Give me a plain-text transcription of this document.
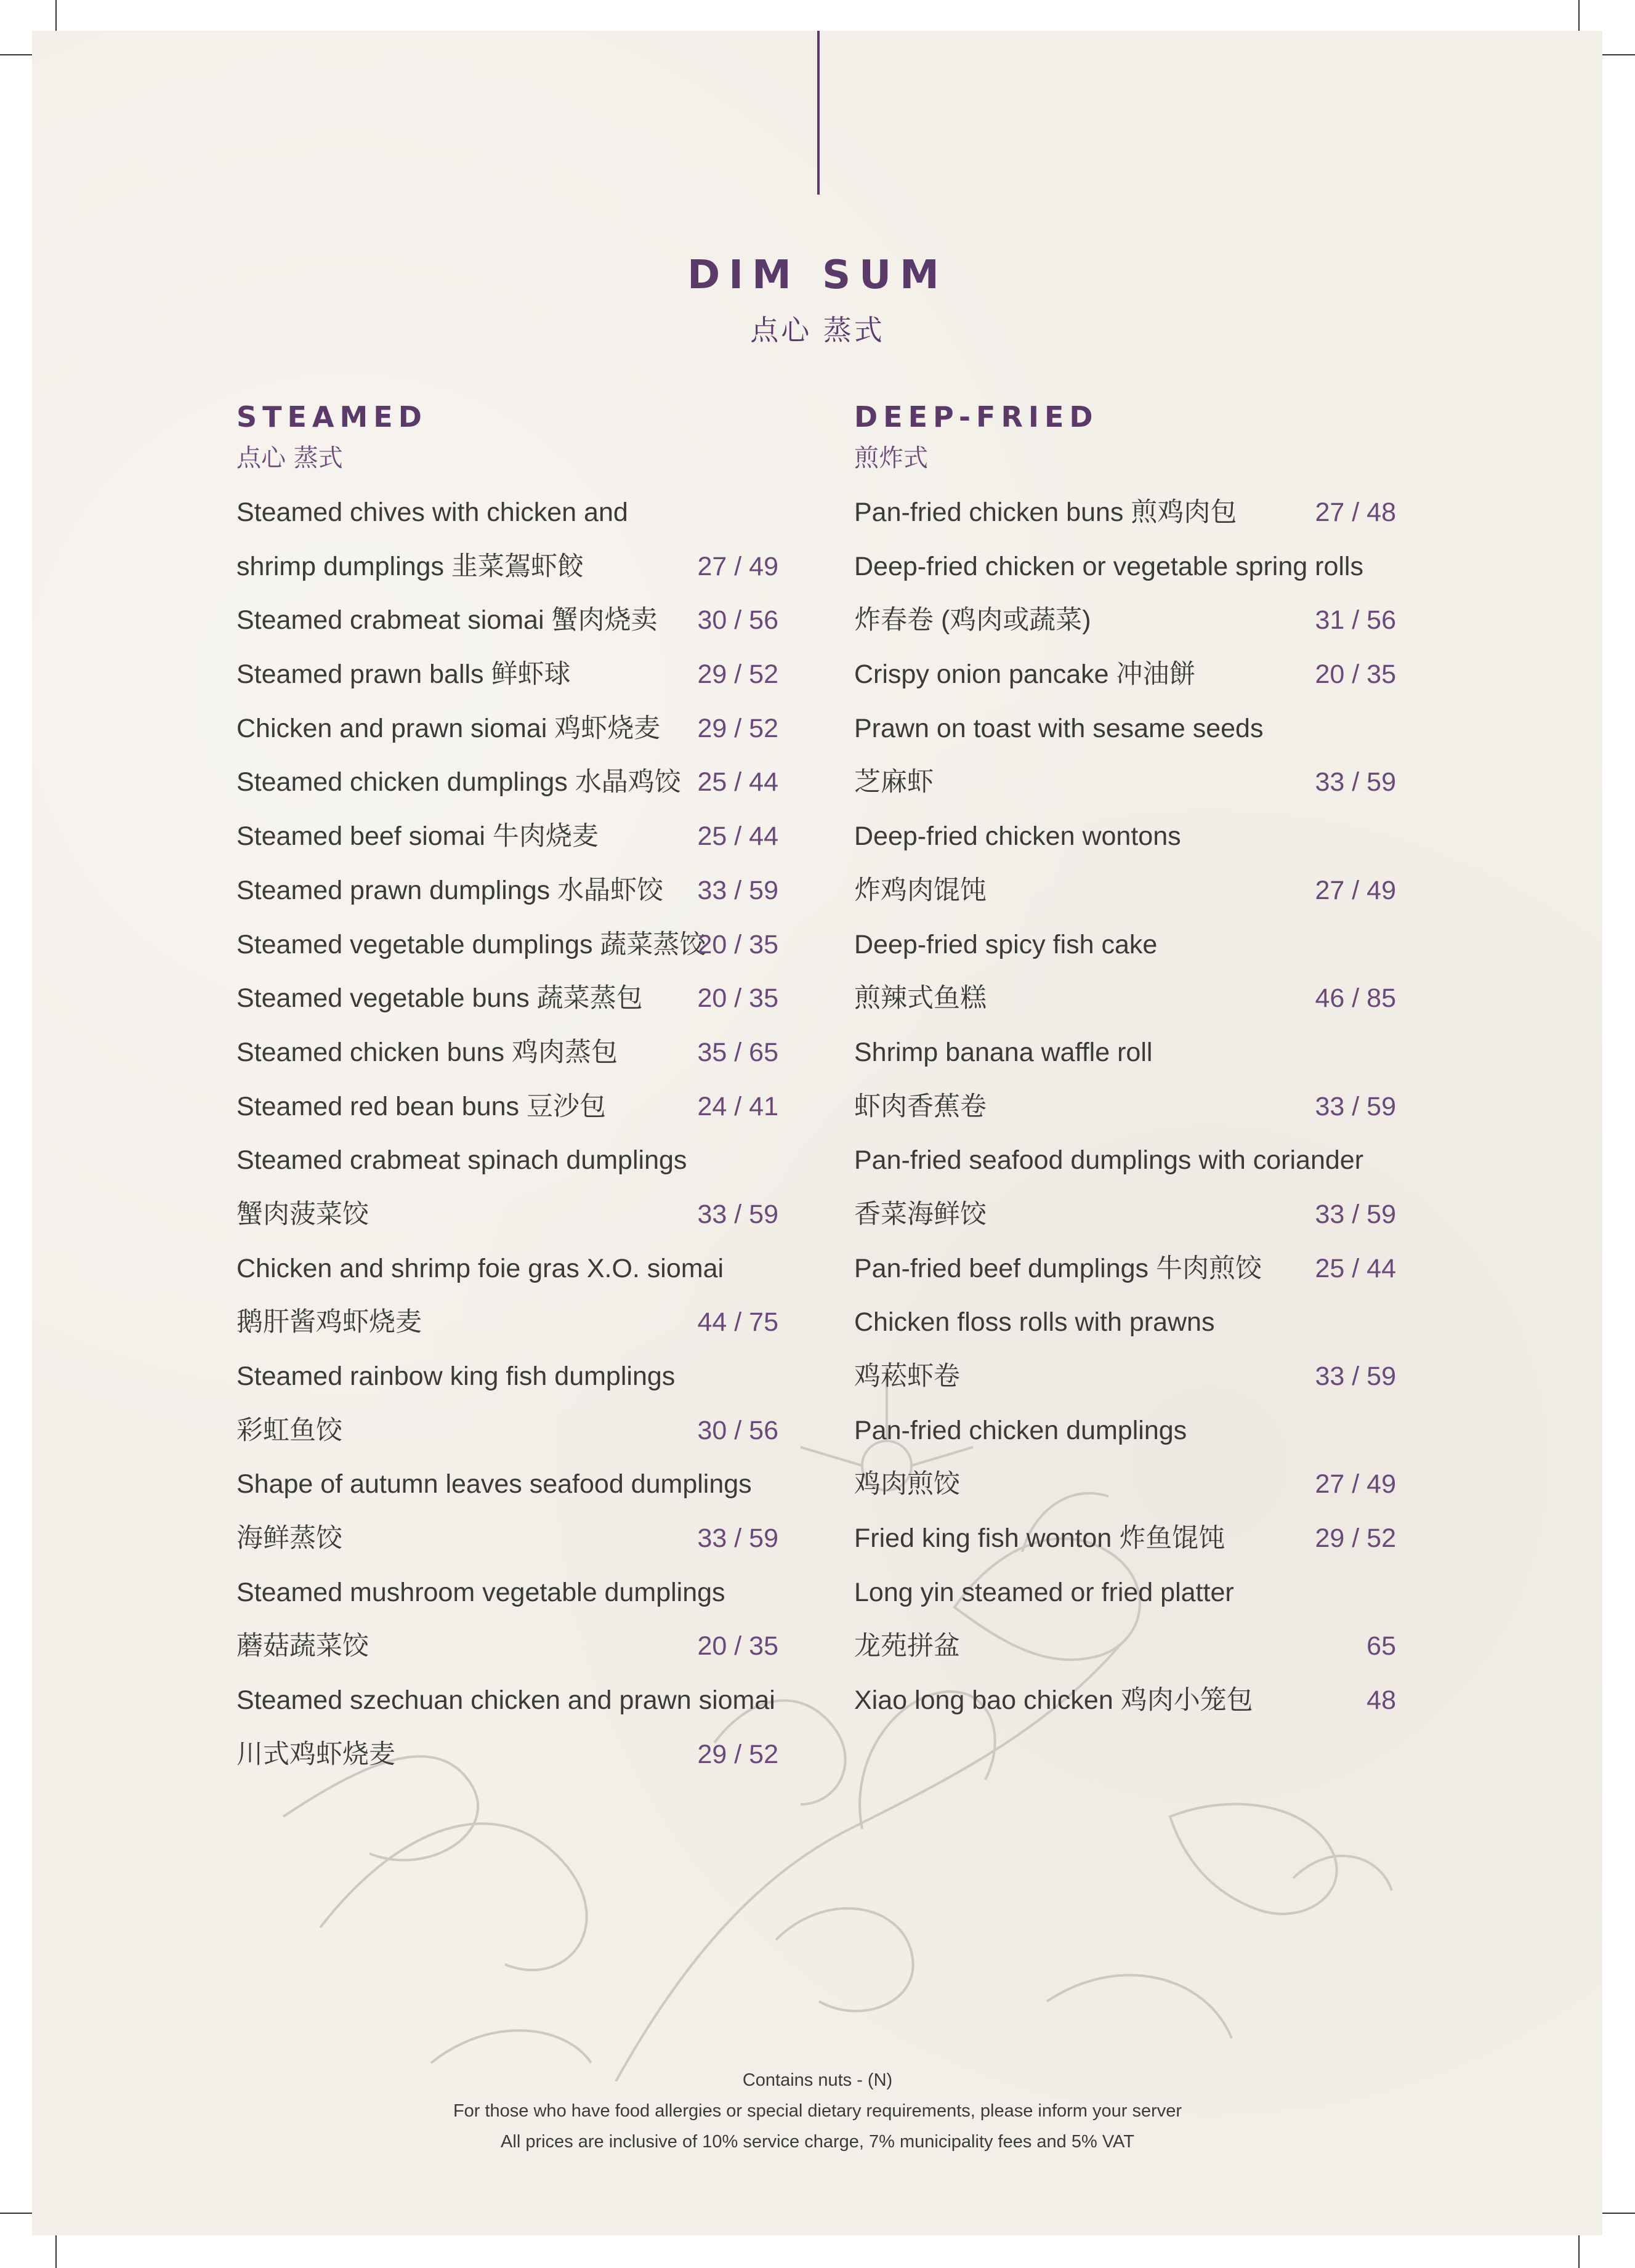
DIM SUM
点心 蒸式
STEAMED
点心 蒸式
Steamed chives with chicken and
shrimp dumplings 韭菜鴐虾餃	27 / 49
Steamed crabmeat siomai 蟹肉烧卖 30 / 56
Steamed prawn balls 鲜虾球	29 / 52
Chicken and prawn siomai 鸡虾烧麦 29 / 52
Steamed chicken dumplings 水晶鸡饺 25 / 44
Steamed beef siomai 牛肉烧麦	25 / 44
Steamed prawn dumplings 水晶虾饺 33 / 59
Steamed vegetable dumplings 蔬菜蒸饺
20 / 35
Steamed vegetable buns 蔬菜蒸包 20 / 35
Steamed chicken buns 鸡肉蒸包	35 / 65
Steamed red bean buns 豆沙包	24 / 41
Steamed crabmeat spinach dumplings
蟹肉菠菜饺	33 / 59
Chicken and shrimp foie gras X.O. siomai
鹅肝酱鸡虾烧麦	44 / 75
Steamed rainbow king fish dumplings
彩虹鱼饺	30 / 56
Shape of autumn leaves seafood dumplings
海鲜蒸饺	33 / 59
Steamed mushroom vegetable dumplings
蘑菇蔬菜饺	20 / 35
Steamed szechuan chicken and prawn siomai
川式鸡虾烧麦	29 / 52
DEEP-FRIED
煎炸式
Pan-fried chicken buns 煎鸡肉包	27 / 48
Deep-fried chicken or vegetable spring rolls
炸春卷 (鸡肉或蔬菜)	31 / 56
Crispy onion pancake 冲油餅	20 / 35
Prawn on toast with sesame seeds
芝麻虾	33 / 59
Deep-fried chicken wontons
炸鸡肉馄饨	27 / 49
Deep-fried spicy fish cake
煎辣式鱼糕	46 / 85
Shrimp banana waffle roll
虾肉香蕉卷	33 / 59
Pan-fried seafood dumplings with coriander
香菜海鲜饺	33 / 59
Pan-fried beef dumplings 牛肉煎饺 25 / 44
Chicken floss rolls with prawns
鸡菘虾卷	33 / 59
Pan-fried chicken dumplings
鸡肉煎饺	27 / 49
Fried king fish wonton 炸鱼馄饨	29 / 52
Long yin steamed or fried platter
龙苑拼盆	65
Xiao long bao chicken 鸡肉小笼包	48
Contains nuts - (N)
For those who have food allergies or special dietary requirements, please inform your server
All prices are inclusive of 10% service charge, 7% municipality fees and 5% VAT
